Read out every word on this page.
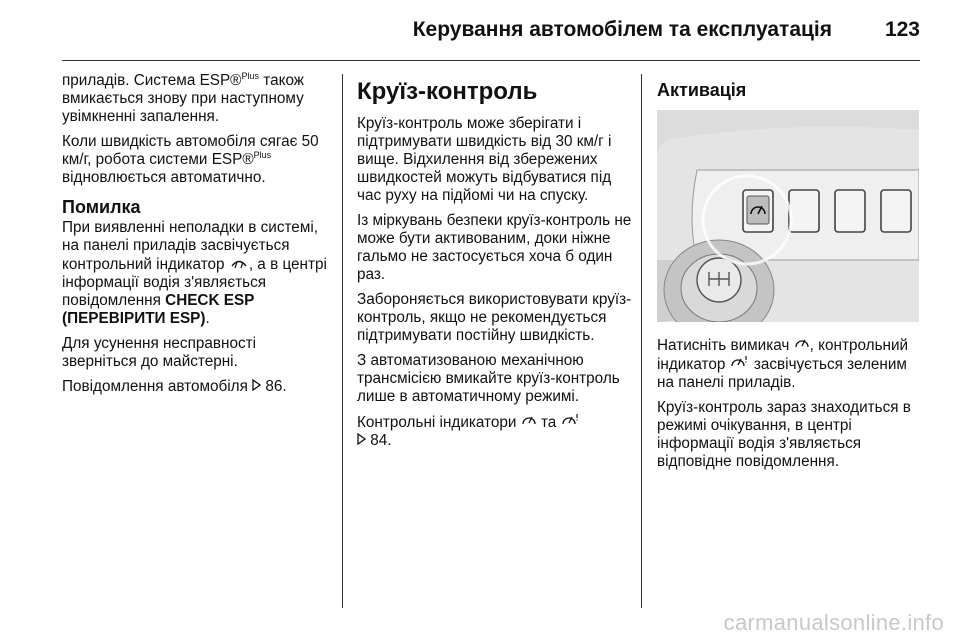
Керування автомобілем та експлуатація	123

приладів. Система ESP®$^{Plus}$ також вмикається знову при наступному увімкненні запалення.

Коли швидкість автомобіля сягає 50 км/г, робота системи ESP®$^{Plus}$ відновлюється автоматично.

Помилка

При виявленні неполадки в системі, на панелі приладів засвічується контрольний індикатор , а в центрі інформації водія з'являється повідомлення CHECK ESP (ПЕРЕВІРИТИ ESP).

Для усунення несправності зверніться до майстерні.

Повідомлення автомобіля  86.

Круїз-контроль

Круїз-контроль може зберігати і підтримувати швидкість від 30 км/г і вище. Відхилення від збережених швидкостей можуть відбуватися під час руху на підйомі чи на спуску.

Із міркувань безпеки круїз-контроль не може бути активованим, доки ніжне гальмо не застосується хоча б один раз.

Забороняється використовувати круїз-контроль, якщо не рекомендується підтримувати постійну швидкість.

З автоматизованою механічною трансмісією вмикайте круїз-контроль лише в автоматичному режимі.

Контрольні індикатори  та
84.

Активація

Натисніть вимикач , контрольний індикатор  засвічується зеленим на панелі приладів.

Круїз-контроль зараз знаходиться в режимі очікування, в центрі інформації водія з'являється відповідне повідомлення.

carmanualsonline.info
